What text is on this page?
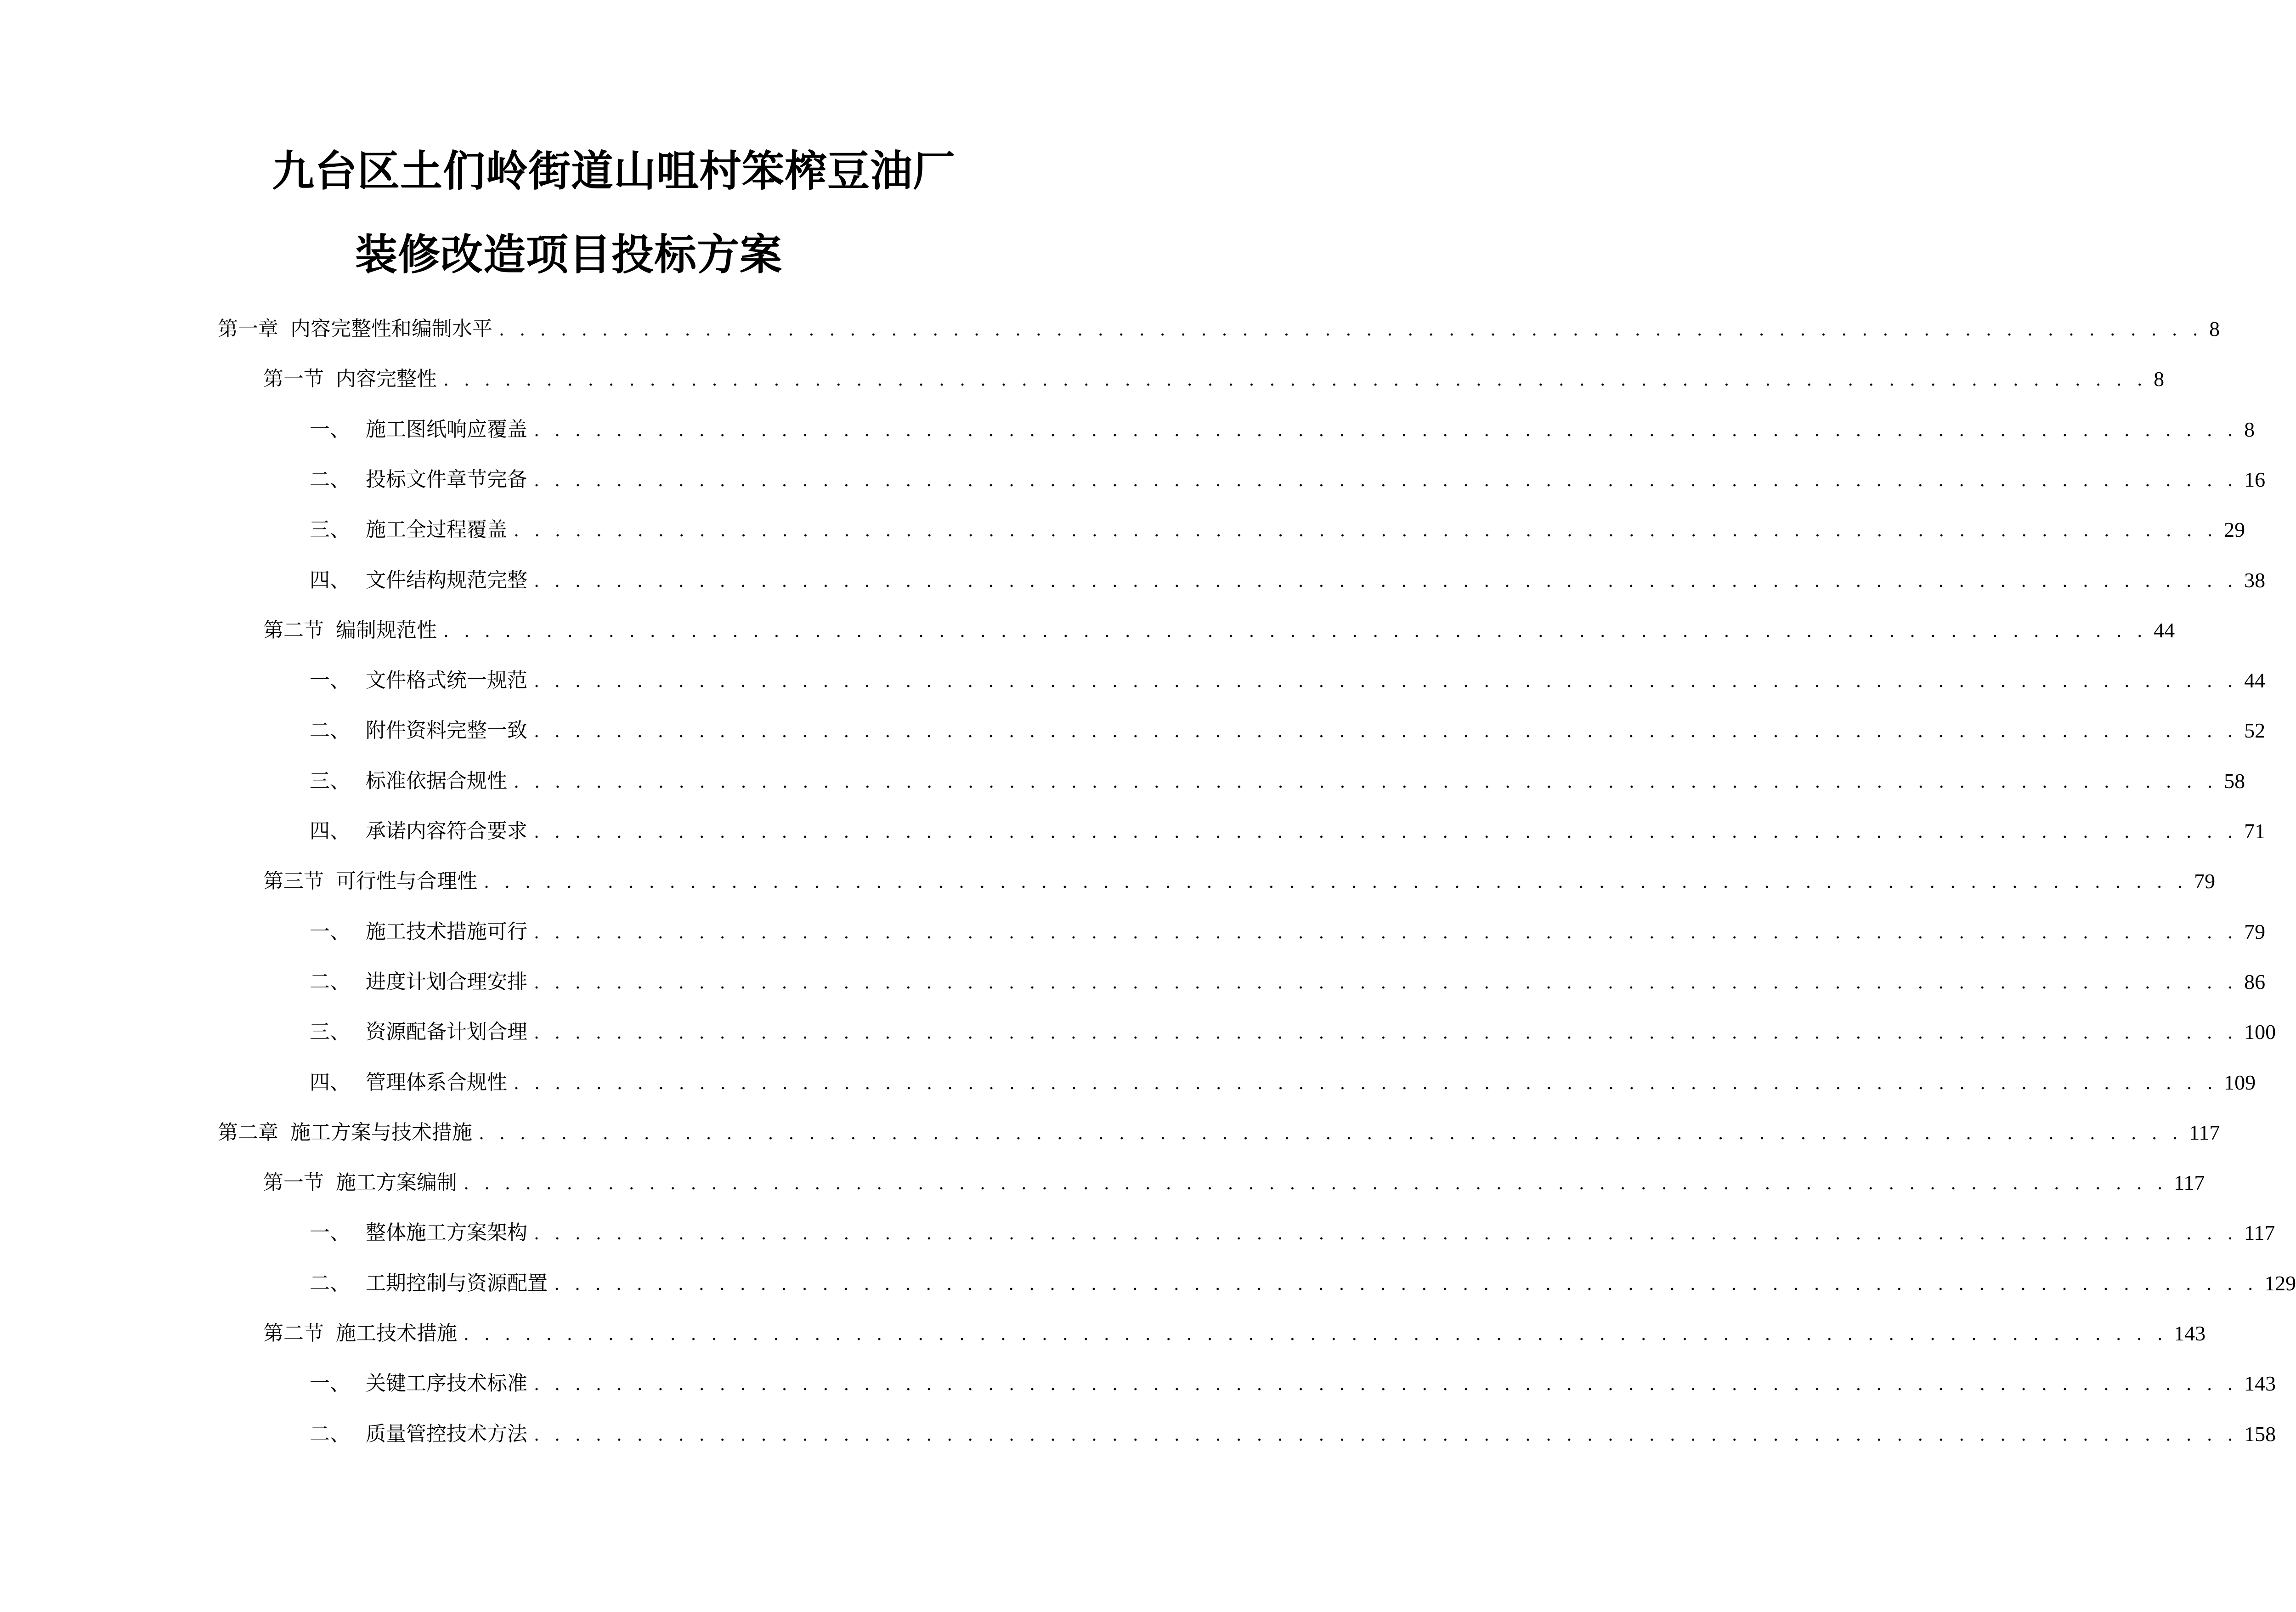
九台区土们岭街道山咀村笨榨豆油厂
装修改造项目投标方案
第一章 内容完整性和编制水平 . . . . . . . . . . . . . . . . . . . . . . . . . . . . . . . . . . . . . . . . . . . . . . . . . . . . . . . . . . . . . . . . . . . . . . . . . . . . . . . . . . . 8
第一节 内容完整性 . . . . . . . . . . . . . . . . . . . . . . . . . . . . . . . . . . . . . . . . . . . . . . . . . . . . . . . . . . . . . . . . . . . . . . . . . . . . . . . . . . . 8
一、 施工图纸响应覆盖 . . . . . . . . . . . . . . . . . . . . . . . . . . . . . . . . . . . . . . . . . . . . . . . . . . . . . . . . . . . . . . . . . . . . . . . . . . . . . . . . . . . 8
二、 投标文件章节完备 . . . . . . . . . . . . . . . . . . . . . . . . . . . . . . . . . . . . . . . . . . . . . . . . . . . . . . . . . . . . . . . . . . . . . . . . . . . . . . . . . . . 16
三、 施工全过程覆盖 . . . . . . . . . . . . . . . . . . . . . . . . . . . . . . . . . . . . . . . . . . . . . . . . . . . . . . . . . . . . . . . . . . . . . . . . . . . . . . . . . . . 29
四、 文件结构规范完整 . . . . . . . . . . . . . . . . . . . . . . . . . . . . . . . . . . . . . . . . . . . . . . . . . . . . . . . . . . . . . . . . . . . . . . . . . . . . . . . . . . . 38
第二节 编制规范性 . . . . . . . . . . . . . . . . . . . . . . . . . . . . . . . . . . . . . . . . . . . . . . . . . . . . . . . . . . . . . . . . . . . . . . . . . . . . . . . . . . . 44
一、 文件格式统一规范 . . . . . . . . . . . . . . . . . . . . . . . . . . . . . . . . . . . . . . . . . . . . . . . . . . . . . . . . . . . . . . . . . . . . . . . . . . . . . . . . . . . 44
二、 附件资料完整一致 . . . . . . . . . . . . . . . . . . . . . . . . . . . . . . . . . . . . . . . . . . . . . . . . . . . . . . . . . . . . . . . . . . . . . . . . . . . . . . . . . . . 52
三、 标准依据合规性 . . . . . . . . . . . . . . . . . . . . . . . . . . . . . . . . . . . . . . . . . . . . . . . . . . . . . . . . . . . . . . . . . . . . . . . . . . . . . . . . . . . 58
四、 承诺内容符合要求 . . . . . . . . . . . . . . . . . . . . . . . . . . . . . . . . . . . . . . . . . . . . . . . . . . . . . . . . . . . . . . . . . . . . . . . . . . . . . . . . . . . 71
第三节 可行性与合理性 . . . . . . . . . . . . . . . . . . . . . . . . . . . . . . . . . . . . . . . . . . . . . . . . . . . . . . . . . . . . . . . . . . . . . . . . . . . . . . . . . . . 79
一、 施工技术措施可行 . . . . . . . . . . . . . . . . . . . . . . . . . . . . . . . . . . . . . . . . . . . . . . . . . . . . . . . . . . . . . . . . . . . . . . . . . . . . . . . . . . . 79
二、 进度计划合理安排 . . . . . . . . . . . . . . . . . . . . . . . . . . . . . . . . . . . . . . . . . . . . . . . . . . . . . . . . . . . . . . . . . . . . . . . . . . . . . . . . . . . 86
三、 资源配备计划合理 . . . . . . . . . . . . . . . . . . . . . . . . . . . . . . . . . . . . . . . . . . . . . . . . . . . . . . . . . . . . . . . . . . . . . . . . . . . . . . . . . . . 100
四、 管理体系合规性 . . . . . . . . . . . . . . . . . . . . . . . . . . . . . . . . . . . . . . . . . . . . . . . . . . . . . . . . . . . . . . . . . . . . . . . . . . . . . . . . . . . 109
第二章 施工方案与技术措施 . . . . . . . . . . . . . . . . . . . . . . . . . . . . . . . . . . . . . . . . . . . . . . . . . . . . . . . . . . . . . . . . . . . . . . . . . . . . . . . . . . . 117
第一节 施工方案编制 . . . . . . . . . . . . . . . . . . . . . . . . . . . . . . . . . . . . . . . . . . . . . . . . . . . . . . . . . . . . . . . . . . . . . . . . . . . . . . . . . . . 117
一、 整体施工方案架构 . . . . . . . . . . . . . . . . . . . . . . . . . . . . . . . . . . . . . . . . . . . . . . . . . . . . . . . . . . . . . . . . . . . . . . . . . . . . . . . . . . . 117
二、 工期控制与资源配置 . . . . . . . . . . . . . . . . . . . . . . . . . . . . . . . . . . . . . . . . . . . . . . . . . . . . . . . . . . . . . . . . . . . . . . . . . . . . . . . . . . . 129
第二节 施工技术措施 . . . . . . . . . . . . . . . . . . . . . . . . . . . . . . . . . . . . . . . . . . . . . . . . . . . . . . . . . . . . . . . . . . . . . . . . . . . . . . . . . . . 143
一、 关键工序技术标准 . . . . . . . . . . . . . . . . . . . . . . . . . . . . . . . . . . . . . . . . . . . . . . . . . . . . . . . . . . . . . . . . . . . . . . . . . . . . . . . . . . . 143
二、 质量管控技术方法 . . . . . . . . . . . . . . . . . . . . . . . . . . . . . . . . . . . . . . . . . . . . . . . . . . . . . . . . . . . . . . . . . . . . . . . . . . . . . . . . . . . 158
